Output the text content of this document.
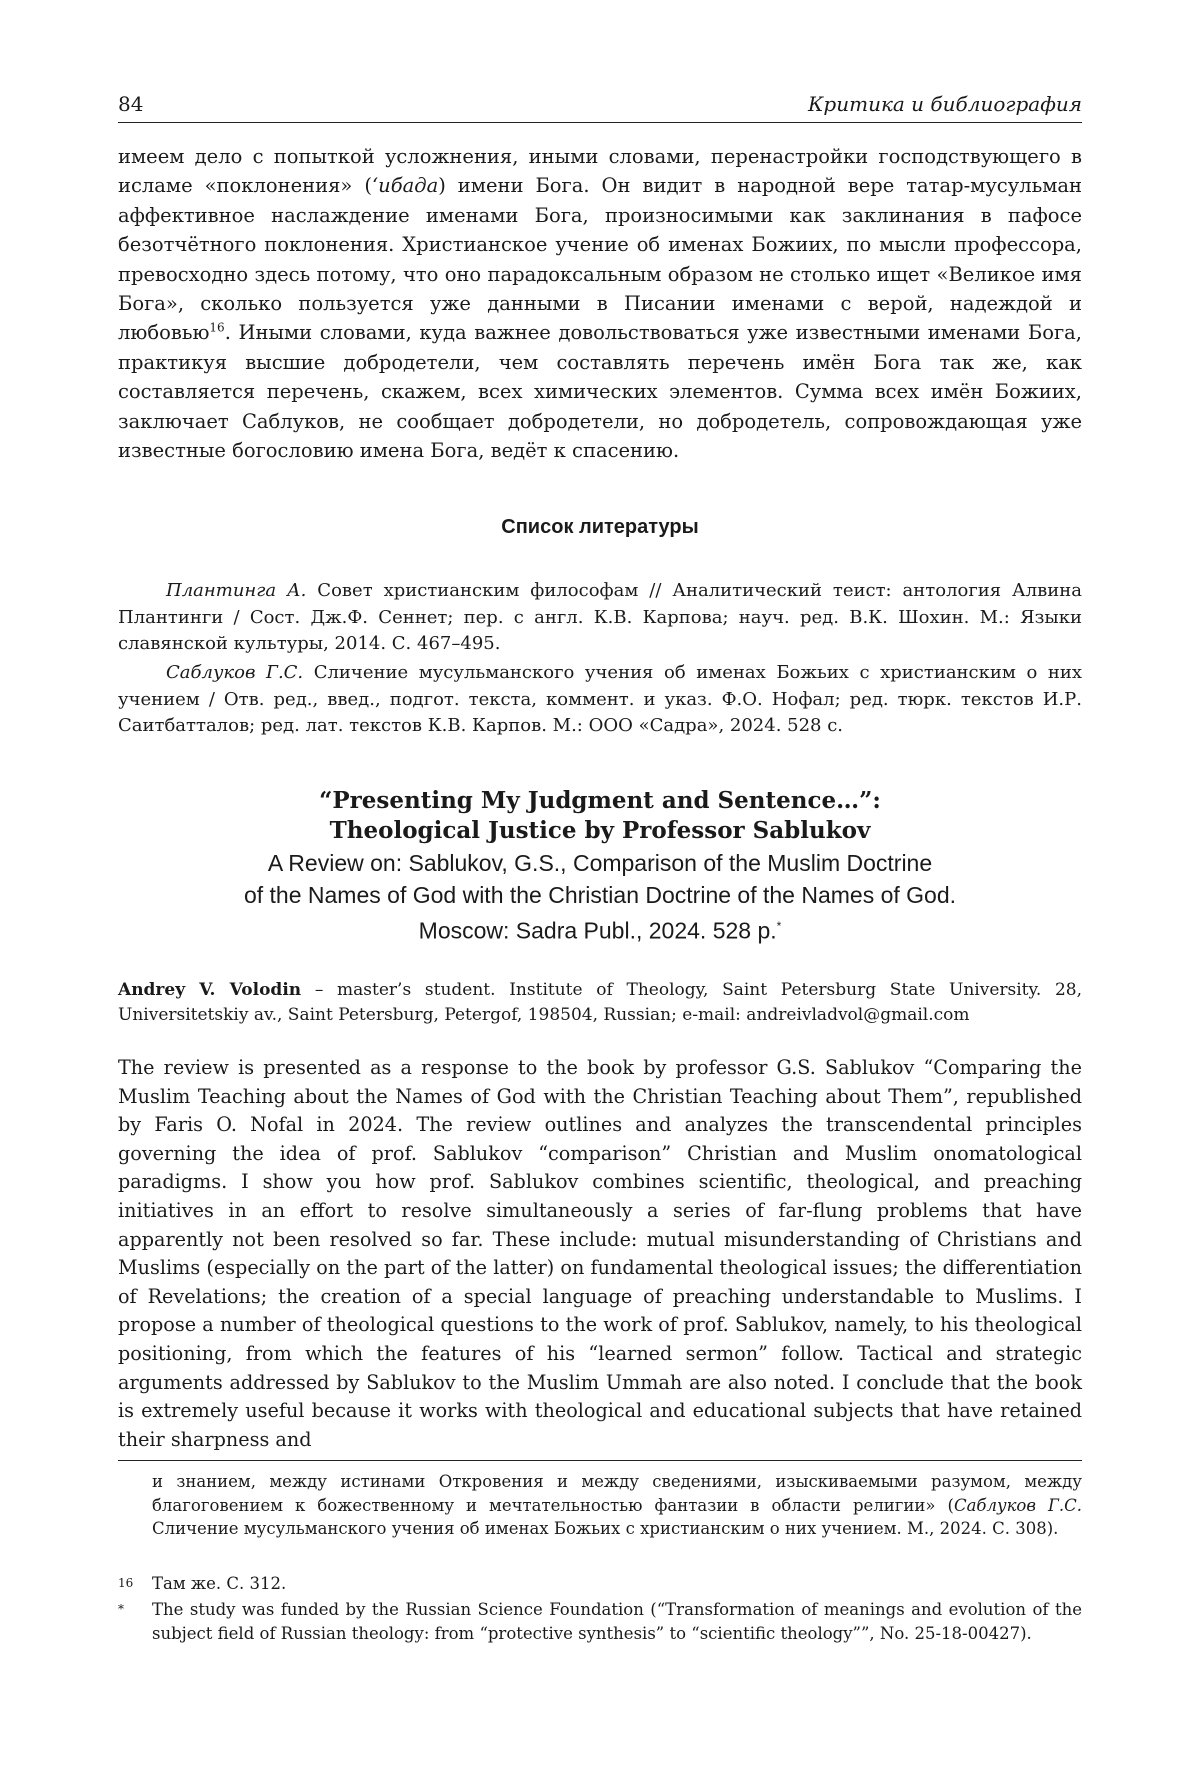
84	Критика и библиография

имеем дело с попыткой усложнения, иными словами, перенастройки господствующего в исламе «поклонения» (ʻибада) имени Бога. Он видит в народной вере татар-мусульман аффективное наслаждение именами Бога, произносимыми как заклинания в пафосе безотчётного поклонения. Христианское учение об именах Божиих, по мысли профессора, превосходно здесь потому, что оно парадоксальным образом не столько ищет «Великое имя Бога», сколько пользуется уже данными в Писании именами с верой, надеждой и любовью$^{16}$. Иными словами, куда важнее довольствоваться уже известными именами Бога, практикуя высшие добродетели, чем составлять перечень имён Бога так же, как составляется перечень, скажем, всех химических элементов. Сумма всех имён Божиих, заключает Саблуков, не сообщает добродетели, но добродетель, сопровождающая уже известные богословию имена Бога, ведёт к спасению.

Список литературы

Плантинга А. Совет христианским философам // Аналитический теист: антология Алвина Плантинги / Сост. Дж.Ф. Сеннет; пер. с англ. К.В. Карпова; науч. ред. В.К. Шохин. М.: Языки славянской культуры, 2014. С. 467–495.

Саблуков Г.С. Сличение мусульманского учения об именах Божьих с христианским о них учением / Отв. ред., введ., подгот. текста, коммент. и указ. Ф.О. Нофал; ред. тюрк. текстов И.Р. Саитбатталов; ред. лат. текстов К.В. Карпов. М.: ООО «Садра», 2024. 528 с.

“Presenting My Judgment and Sentence…”:
Theological Justice by Professor Sablukov
A Review on: Sablukov, G.S., Comparison of the Muslim Doctrine
of the Names of God with the Christian Doctrine of the Names of God.
Moscow: Sadra Publ., 2024. 528 p.*

Andrey V. Volodin – master’s student. Institute of Theology, Saint Petersburg State University. 28, Universitetskiy av., Saint Petersburg, Petergof, 198504, Russian; e-mail: andreivladvol@gmail.com

The review is presented as a response to the book by professor G.S. Sablukov “Comparing the Muslim Teaching about the Names of God with the Christian Teaching about Them”, republished by Faris O. Nofal in 2024. The review outlines and analyzes the transcendental principles governing the idea of prof. Sablukov “comparison” Christian and Muslim onomatological paradigms. I show you how prof. Sablukov combines scientific, theological, and preaching initiatives in an effort to resolve simultaneously a series of far-flung problems that have apparently not been resolved so far. These include: mutual misunderstanding of Christians and Muslims (especially on the part of the latter) on fundamental theological issues; the differentiation of Revelations; the creation of a special language of preaching understandable to Muslims. I propose a number of theological questions to the work of prof. Sablukov, namely, to his theological positioning, from which the features of his “learned sermon” follow. Tactical and strategic arguments addressed by Sablukov to the Muslim Ummah are also noted. I conclude that the book is extremely useful because it works with theological and educational subjects that have retained their sharpness and

и знанием, между истинами Откровения и между сведениями, изыскиваемыми разумом, между благоговением к божественному и мечтательностью фантазии в области религии» (Саблуков Г.С. Сличение мусульманского учения об именах Божьих с христианским о них учением. М., 2024. С. 308).

16 Там же. С. 312.

* The study was funded by the Russian Science Foundation (“Transformation of meanings and evolution of the subject field of Russian theology: from “protective synthesis” to “scientific theology””, No. 25-18-00427).
